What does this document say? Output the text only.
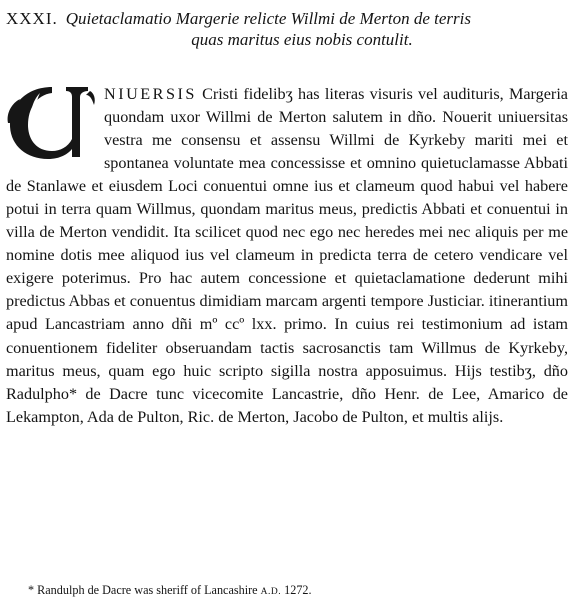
XXXI. Quietaclamatio Margerie relicte Willmi de Merton de terris
quas maritus eius nobis contulit.

NIUERSIS Cristi fidelibʒ has literas visuris vel audituris, Margeria quondam uxor Willmi de Merton salutem in dño. Nouerit uniuersitas vestra me consensu et assensu Willmi de Kyrkeby mariti mei et spontanea voluntate mea concessisse et omnino quietuclamasse Abbati de Stanlawe et eiusdem Loci conuentui omne ius et clameum quod habui vel habere potui in terra quam Willmus, quondam maritus meus, predictis Abbati et conuentui in villa de Merton vendidit. Ita scilicet quod nec ego nec heredes mei nec aliquis per me nomine dotis mee aliquod ius vel clameum in predicta terra de cetero vendicare vel exigere poterimus. Pro hac autem concessione et quietaclamatione dederunt mihi predictus Abbas et conuentus dimidiam marcam argenti tempore Justiciar. itinerantium apud Lancastriam anno dñi mº ccº lxx. primo. In cuius rei testimonium ad istam conuentionem fideliter obseruandam tactis sacrosanctis tam Willmus de Kyrkeby, maritus meus, quam ego huic scripto sigilla nostra apposuimus. Hijs testibʒ, dño Radulpho* de Dacre tunc vicecomite Lancastrie, dño Henr. de Lee, Amarico de Lekampton, Ada de Pulton, Ric. de Merton, Jacobo de Pulton, et multis alijs.

* Randulph de Dacre was sheriff of Lancashire A.D. 1272.
